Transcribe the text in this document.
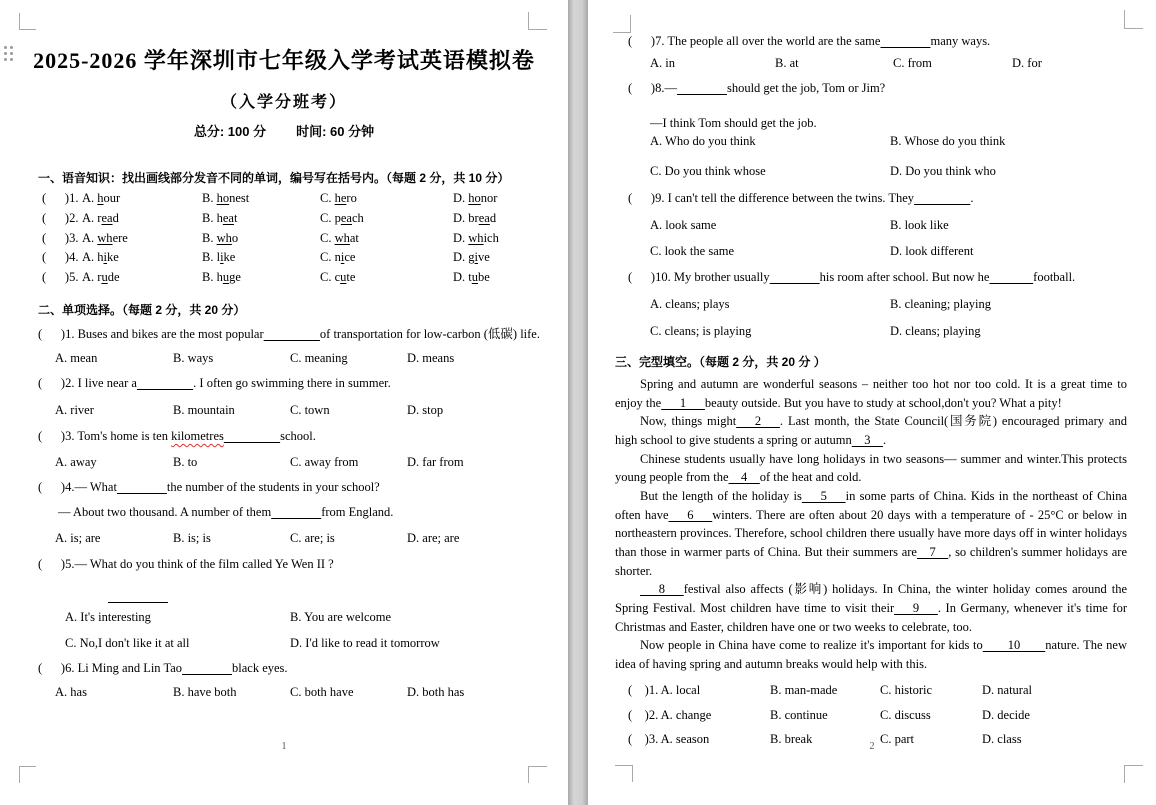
2025-2026 学年深圳市七年级入学考试英语模拟卷
（入学分班考）
总分: 100 分 时间: 60 分钟
一、语音知识：找出画线部分发音不同的单词，编号写在括号内。（每题 2 分，共 10 分）
(   )1. A. hour	B. honest	C. hero	D. honor
(   )2. A. read	B. heat	C. peach	D. bread
(   )3. A. where	B. who	C. what	D. which
(   )4. A. hike	B. like	C. nice	D. give
(   )5. A. rude	B. huge	C. cute	D. tube
二、单项选择。（每题 2 分，共 20 分）
(   )1. Buses and bikes are the most popular         	of transportation for low-carbon (低碳) life.
A. mean	B. ways	C. meaning	D. means
(   )2. I live near a         	. I often go swimming there in summer.
A. river	B. mountain	C. town	D. stop
(   )3. Tom's home is ten kilometres         	school.
A. away	B. to	C. away from	D. far from
(   )4.— What        	the number of the students in your school?
— About two thousand. A number of them        	from England.
A. is; are	B. is; is	C. are; is	D. are; are
(   )5.— What do you think of the film called Ye Wen II ?
A. It's interesting	B. You are welcome
C. No,I don't like it at all	D. I'd like to read it tomorrow
(   )6. Li Ming and Lin Tao        	black eyes.
A. has	B. have both	C. both have	D. both has
1
(   )7. The people all over the world are the same        	many ways.
A. in	B. at	C. from	D. for
(   )8.—        	should get the job, Tom or Jim?
—I think Tom should get the job.
A. Who do you think	B. Whose do you think
C. Do you think whose	D. Do you think who
(   )9. I can't tell the difference between the twins. They         	.
A. look same	B. look like
C. look the same	D. look different
(   )10. My brother usually        	his room after school. But now he       	football.
A. cleans; plays	B. cleaning; playing
C. cleans; is playing	D. cleans; playing
三、完型填空。（每题 2 分，共 20 分 ）

Spring and autumn are wonderful seasons – neither too hot nor too cold. It is a great time to enjoy the   1   beauty outside. But you have to study at school,don't you? What a pity!

Now, things might   2   . Last month, the State Council(国务院) encouraged primary and high school to give students a spring or autumn  3  .

Chinese students usually have long holidays in two seasons— summer and winter.This protects young people from the  4  of the heat and cold.

But the length of the holiday is   5   in some parts of China. Kids in the northeast of China often have   6   winters. There are often about 20 days with a temperature of - 25°C or below in northeastern provinces. Therefore, school children there usually have more days off in winter holidays than those in warmer parts of China. But their summers are  7  , so children's summer holidays are shorter.

   8   festival also affects (影响) holidays. In China, the winter holiday comes around the Spring Festival. Most children have time to visit their   9   . In Germany, whenever it's time for Christmas and Easter, children have one or two weeks to celebrate, too.

Now people in China have come to realize it's important for kids to    10    nature. The new idea of having spring and autumn breaks would help with this.

(  )1. A. local	B. man-made	C. historic	D. natural
(  )2. A. change	B. continue	C. discuss	D. decide
(  )3. A. season	B. break	C. part	D. class
2
